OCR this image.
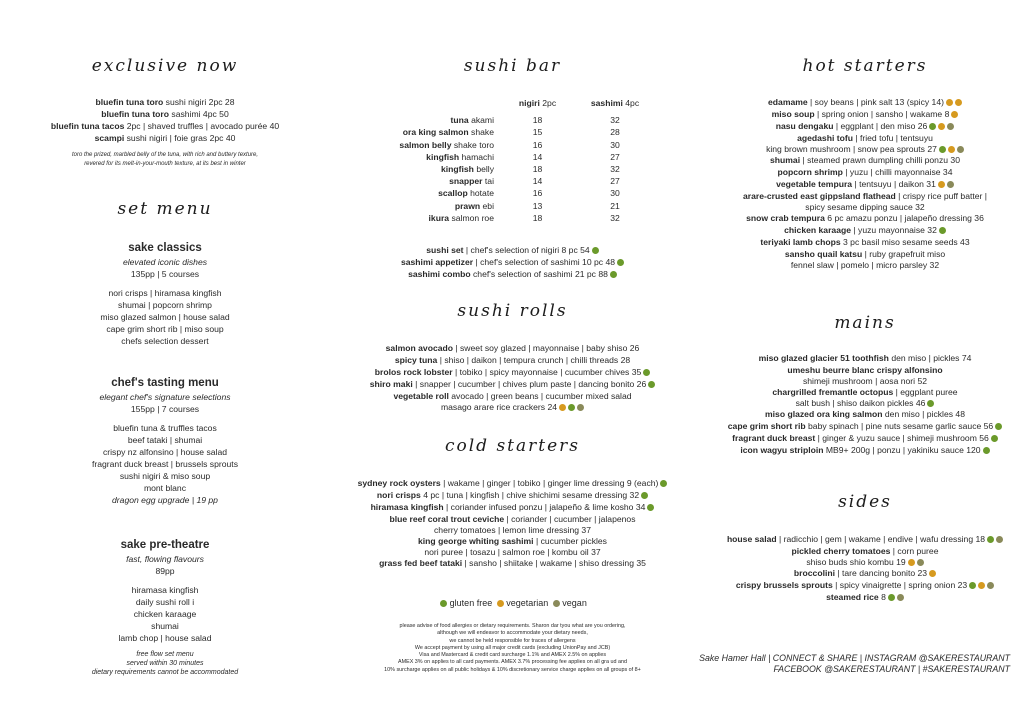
exclusive now
bluefin tuna toro sushi nigiri 2pc 28
bluefin tuna toro sashimi 4pc 50
bluefin tuna tacos 2pc | shaved truffles | avocado purée 40
scampi sushi nigiri | foie gras 2pc 40
toro the prized, marbled belly of the tuna, with rich and buttery texture,
revered for its melt-in-your-mouth texture, at its best in winter
set menu
sake classics
elevated iconic dishes
135pp | 5 courses
nori crisps | hiramasa kingfish
shumai | popcorn shrimp
miso glazed salmon | house salad
cape grim short rib | miso soup
chefs selection dessert
chef's tasting menu
elegant chef's signature selections
155pp | 7 courses
bluefin tuna & truffles tacos
beef tataki | shumai
crispy nz alfonsino | house salad
fragrant duck breast | brussels sprouts
sushi nigiri & miso soup
mont blanc
dragon egg upgrade | 19 pp
sake pre-theatre
fast, flowing flavours
89pp
hiramasa kingfish
daily sushi roll i
chicken karaage
shumai
lamb chop | house salad
free flow set menu
served within 30 minutes
dietary requirements cannot be accommodated
sushi bar
	nigiri 2pc	sashimi 4pc

tuna akami	18	32
ora king salmon shake	15	28
salmon belly shake toro	16	30
kingfish hamachi	14	27
kingfish belly	18	32
snapper tai	14	27
scallop hotate	16	30
prawn ebi	13	21
ikura salmon roe	18	32
sushi set | chef's selection of nigiri 8 pc 54
sashimi appetizer | chef's selection of sashimi 10 pc 48
sashimi combo chef's selection of sashimi 21 pc 88
sushi rolls
salmon avocado | sweet soy glazed | mayonnaise | baby shiso 26
spicy tuna | shiso | daikon | tempura crunch | chilli threads 28
brolos rock lobster | tobiko | spicy mayonnaise | cucumber chives 35
shiro maki | snapper | cucumber | chives plum paste | dancing bonito 26
vegetable roll avocado | green beans | cucumber mixed salad
masago arare rice crackers 24
cold starters
sydney rock oysters | wakame | ginger | tobiko | ginger lime dressing 9 (each)
nori crisps 4 pc | tuna | kingfish | chive shichimi sesame dressing 32
hiramasa kingfish | coriander infused ponzu | jalapeño & lime kosho 34
blue reef coral trout ceviche | coriander | cucumber | jalapenos
cherry tomatoes | lemon lime dressing 37
king george whiting sashimi | cucumber pickles
nori puree | tosazu | salmon roe | kombu oil 37
grass fed beef tataki | sansho | shiitake | wakame | shiso dressing 35
gluten free vegetarian vegan
please advise of food allergies or dietary requirements. Sharon dar tyou what are you ordering,
although we will endeavor to accommodate your dietary needs,
we cannot be held responsible for traces of allergens
We accept payment by using all major credit cards (excluding UnionPay and JCB)
Visa and Mastercard & credit card surcharge 1.1% and AMEX 2.5% on applies
AMEX 3% on applies to all card payments. AMEX 3.7% processing fee applies on all gra ud and
10% surcharge applies on all public holidays & 10% discretionary service charge applies on all groups of 8+
hot starters
edamame | soy beans | pink salt 13 (spicy 14)
miso soup | spring onion | sansho | wakame 8
nasu dengaku | eggplant | den miso 26
agedashi tofu | fried tofu | tentsuyu
king brown mushroom | snow pea sprouts 27
shumai | steamed prawn dumpling chilli ponzu 30
popcorn shrimp | yuzu | chilli mayonnaise 34
vegetable tempura | tentsuyu | daikon 31
arare-crusted east gippsland flathead | crispy rice puff batter |
spicy sesame dipping sauce 32
snow crab tempura 6 pc amazu ponzu | jalapeño dressing 36
chicken karaage | yuzu mayonnaise 32
teriyaki lamb chops 3 pc basil miso sesame seeds 43
sansho quail katsu | ruby grapefruit miso
fennel slaw | pomelo | micro parsley 32
mains
miso glazed glacier 51 toothfish den miso | pickles 74
umeshu beurre blanc crispy alfonsino
shimeji mushroom | aosa nori 52
chargrilled fremantle octopus | eggplant puree
salt bush | shiso daikon pickles 46
miso glazed ora king salmon den miso | pickles 48
cape grim short rib baby spinach | pine nuts sesame garlic sauce 56
fragrant duck breast | ginger & yuzu sauce | shimeji mushroom 56
icon wagyu striploin MB9+ 200g | ponzu | yakiniku sauce 120
sides
house salad | radicchio | gem | wakame | endive | wafu dressing 18
pickled cherry tomatoes | corn puree
shiso buds shio kombu 19
broccolini | tare dancing bonito 23
crispy brussels sprouts | spicy vinaigrette | spring onion 23
steamed rice 8
Sake Hamer Hall | CONNECT & SHARE | INSTAGRAM @SAKERESTAURANT
FACEBOOK @SAKERESTAURANT | #SAKERESTAURANT
